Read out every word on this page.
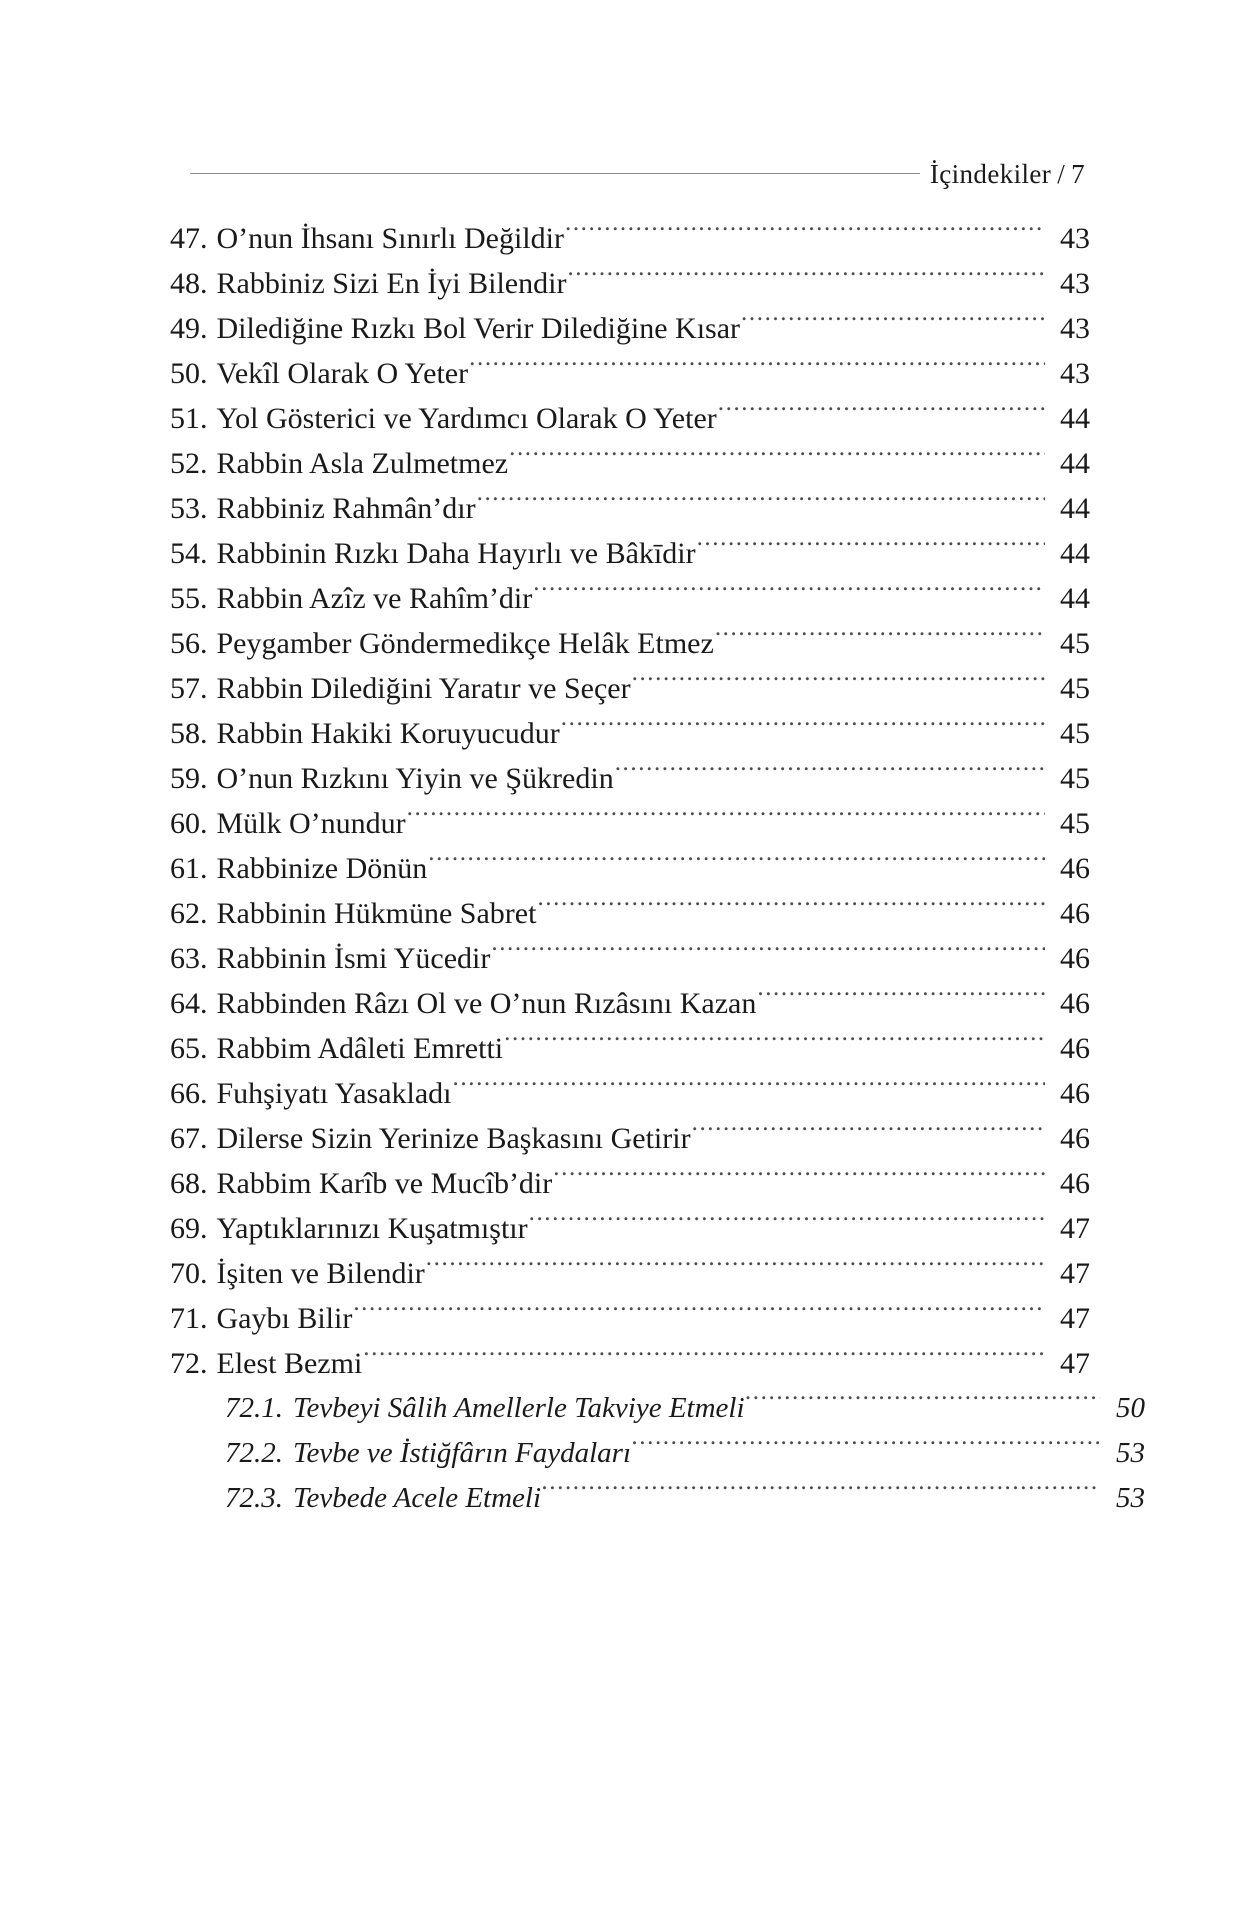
İçindekiler / 7
47. O’nun İhsanı Sınırlı Değildir .....	43
48. Rabbiniz Sizi En İyi Bilendir .....	43
49. Dilediğine Rızkı Bol Verir Dilediğine Kısar .....	43
50. Vekîl Olarak O Yeter .....	43
51. Yol Gösterici ve Yardımcı Olarak O Yeter .....	44
52. Rabbin Asla Zulmetmez .....	44
53. Rabbiniz Rahmân’dır .....	44
54. Rabbinin Rızkı Daha Hayırlı ve Bâkīdir .....	44
55. Rabbin Azîz ve Rahîm’dir .....	44
56. Peygamber Göndermedikçe Helâk Etmez .....	45
57. Rabbin Dilediğini Yaratır ve Seçer .....	45
58. Rabbin Hakiki Koruyucudur .....	45
59. O’nun Rızkını Yiyin ve Şükredin .....	45
60. Mülk O’nundur .....	45
61. Rabbinize Dönün .....	46
62. Rabbinin Hükmüne Sabret .....	46
63. Rabbinin İsmi Yücedir .....	46
64. Rabbinden Râzı Ol ve O’nun Rızâsını Kazan .....	46
65. Rabbim Adâleti Emretti .....	46
66. Fuhşiyatı Yasakladı .....	46
67. Dilerse Sizin Yerinize Başkasını Getirir .....	46
68. Rabbim Karîb ve Mucîb’dir .....	46
69. Yaptıklarınızı Kuşatmıştır .....	47
70. İşiten ve Bilendir .....	47
71. Gaybı Bilir .....	47
72. Elest Bezmi .....	47
72.1. Tevbeyi Sâlih Amellerle Takviye Etmeli .....	50
72.2. Tevbe ve İstiğfârın Faydaları .....	53
72.3. Tevbede Acele Etmeli .....	53
